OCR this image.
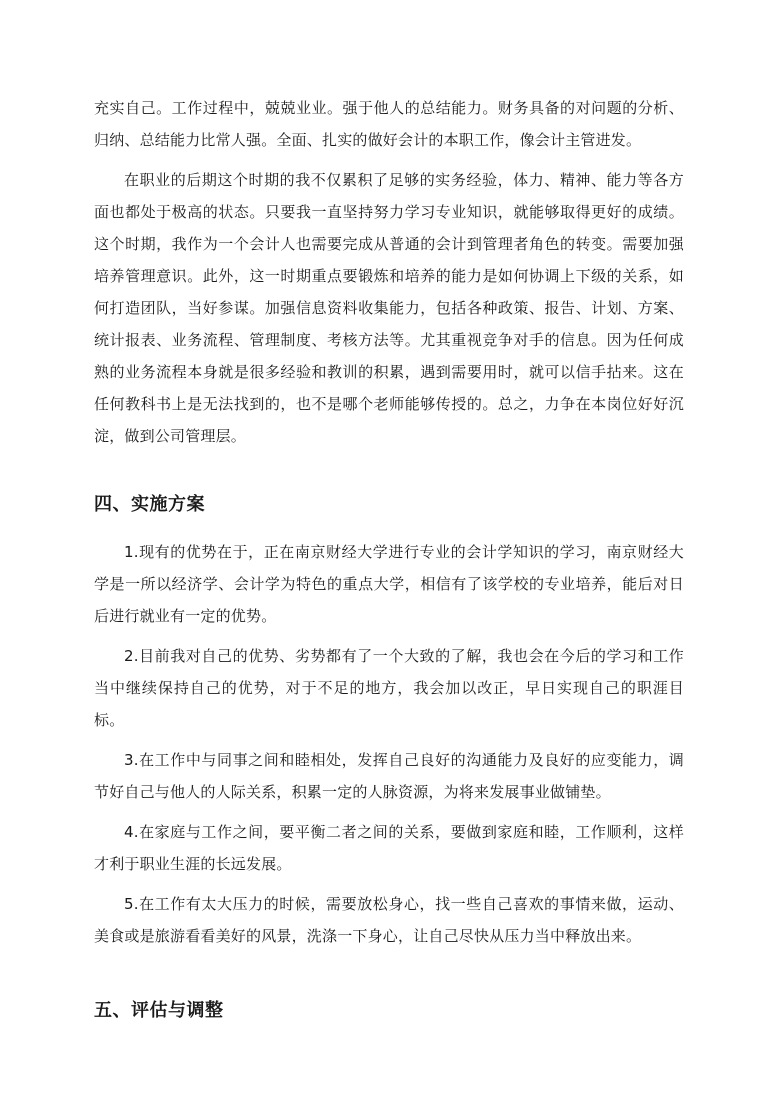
充实自己。工作过程中，兢兢业业。强于他人的总结能力。财务具备的对问题的分析、归纳、总结能力比常人强。全面、扎实的做好会计的本职工作，像会计主管进发。

在职业的后期这个时期的我不仅累积了足够的实务经验，体力、精神、能力等各方面也都处于极高的状态。只要我一直坚持努力学习专业知识，就能够取得更好的成绩。这个时期，我作为一个会计人也需要完成从普通的会计到管理者角色的转变。需要加强培养管理意识。此外，这一时期重点要锻炼和培养的能力是如何协调上下级的关系，如何打造团队，当好参谋。加强信息资料收集能力，包括各种政策、报告、计划、方案、统计报表、业务流程、管理制度、考核方法等。尤其重视竞争对手的信息。因为任何成熟的业务流程本身就是很多经验和教训的积累，遇到需要用时，就可以信手拈来。这在任何教科书上是无法找到的，也不是哪个老师能够传授的。总之，力争在本岗位好好沉淀，做到公司管理层。

四、实施方案

1.现有的优势在于，正在南京财经大学进行专业的会计学知识的学习，南京财经大学是一所以经济学、会计学为特色的重点大学，相信有了该学校的专业培养，能后对日后进行就业有一定的优势。

2.目前我对自己的优势、劣势都有了一个大致的了解，我也会在今后的学习和工作当中继续保持自己的优势，对于不足的地方，我会加以改正，早日实现自己的职涯目标。

3.在工作中与同事之间和睦相处，发挥自己良好的沟通能力及良好的应变能力，调节好自己与他人的人际关系，积累一定的人脉资源，为将来发展事业做铺垫。

4.在家庭与工作之间，要平衡二者之间的关系，要做到家庭和睦，工作顺利，这样才利于职业生涯的长远发展。

5.在工作有太大压力的时候，需要放松身心，找一些自己喜欢的事情来做，运动、美食或是旅游看看美好的风景，洗涤一下身心，让自己尽快从压力当中释放出来。

五、评估与调整
